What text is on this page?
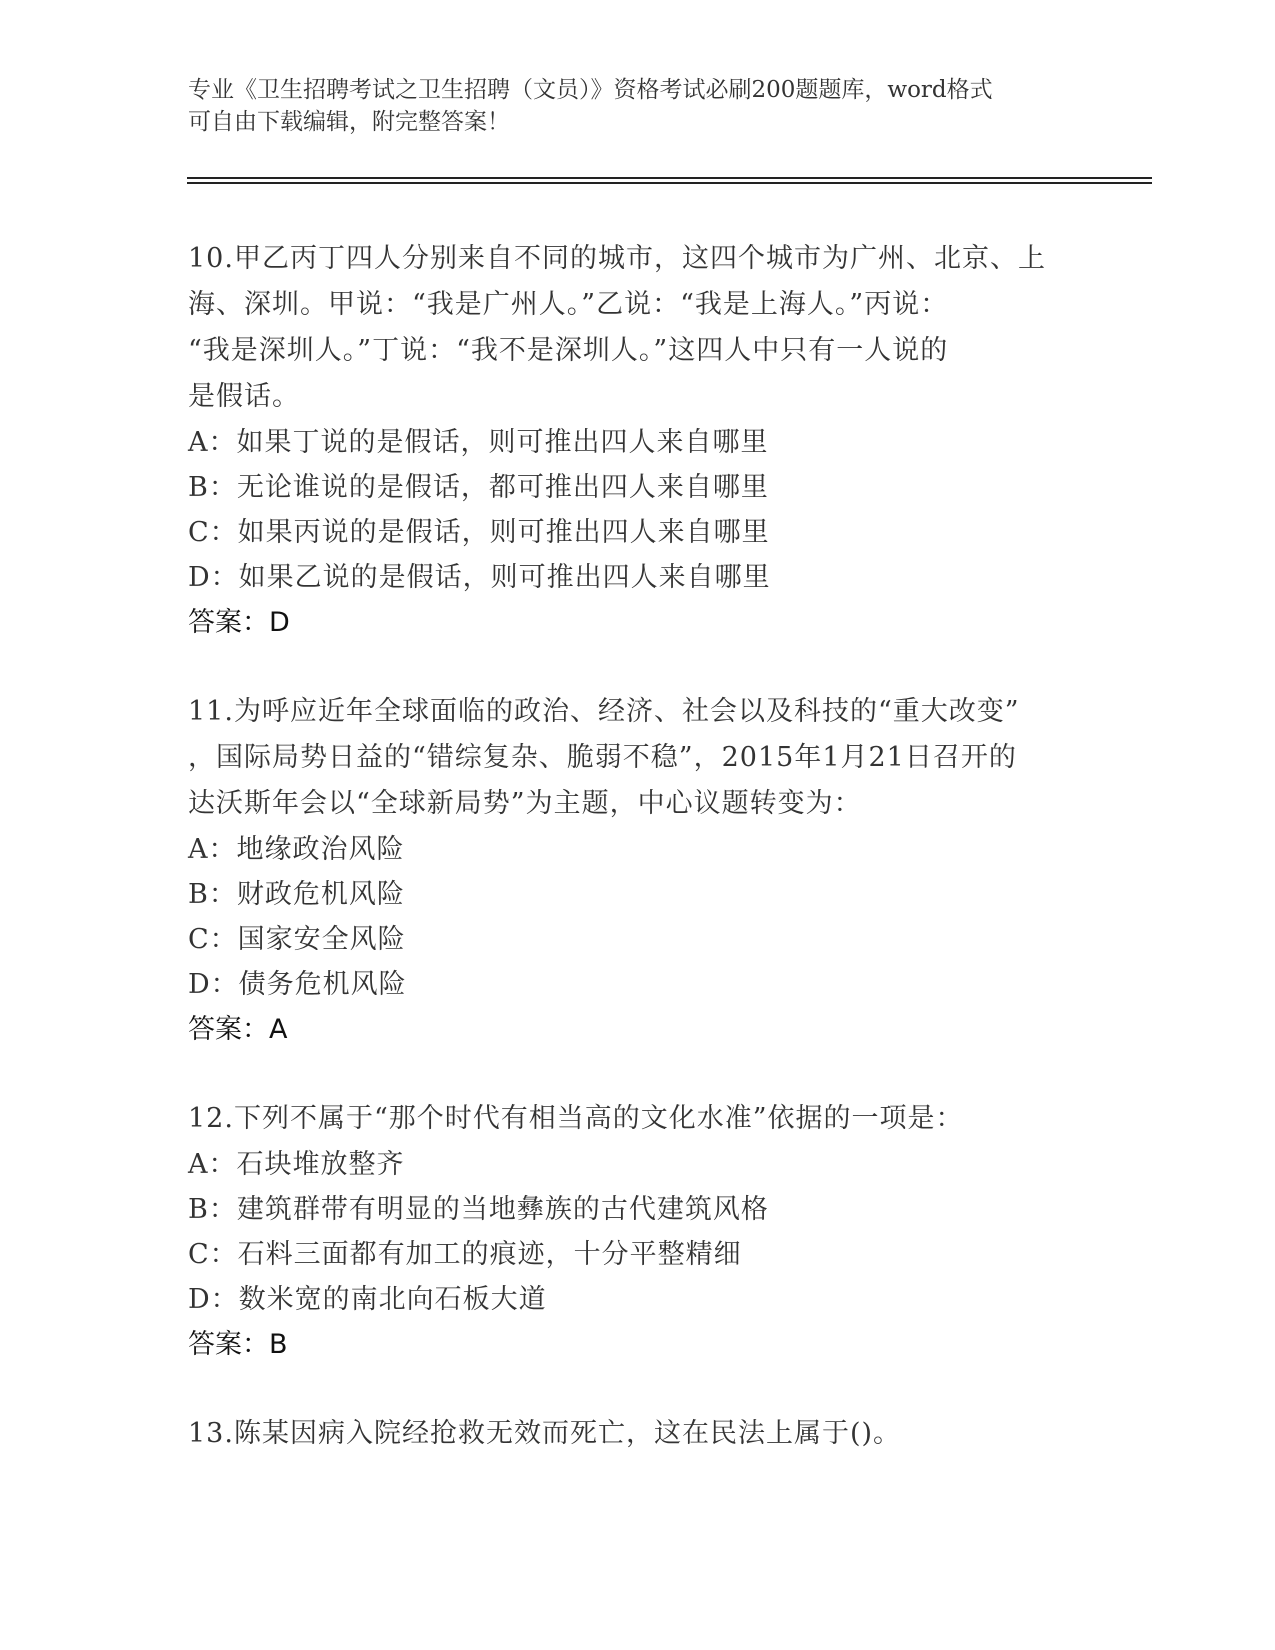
专业《卫生招聘考试之卫生招聘（文员）》资格考试必刷200题题库，word格式
可自由下载编辑，附完整答案！
10.甲乙丙丁四人分别来自不同的城市，这四个城市为广州、北京、上
海、深圳。甲说：“我是广州人。”乙说：“我是上海人。”丙说：
“我是深圳人。”丁说：“我不是深圳人。”这四人中只有一人说的
是假话。
A：如果丁说的是假话，则可推出四人来自哪里
B：无论谁说的是假话，都可推出四人来自哪里
C：如果丙说的是假话，则可推出四人来自哪里
D：如果乙说的是假话，则可推出四人来自哪里
答案：D
11.为呼应近年全球面临的政治、经济、社会以及科技的“重大改变”
，国际局势日益的“错综复杂、脆弱不稳”，2015年1月21日召开的
达沃斯年会以“全球新局势”为主题，中心议题转变为：
A：地缘政治风险
B：财政危机风险
C：国家安全风险
D：债务危机风险
答案：A
12.下列不属于“那个时代有相当高的文化水准”依据的一项是：
A：石块堆放整齐
B：建筑群带有明显的当地彝族的古代建筑风格
C：石料三面都有加工的痕迹，十分平整精细
D：数米宽的南北向石板大道
答案：B
13.陈某因病入院经抢救无效而死亡，这在民法上属于()。
